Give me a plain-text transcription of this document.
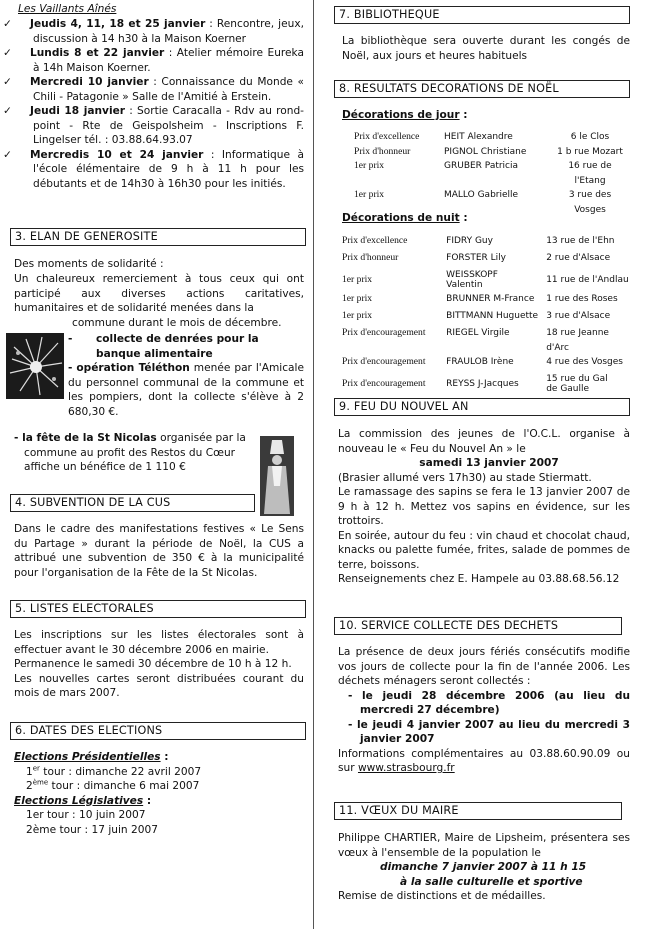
Les Vaillants Aînés
✓ Jeudis 4, 11, 18 et 25 janvier : Rencontre, jeux, discussion à 14 h30 à la Maison Koerner
✓ Lundis 8 et 22 janvier : Atelier mémoire Eureka à 14h Maison Koerner.
✓ Mercredi 10 janvier : Connaissance du Monde « Chili - Patagonie » Salle de l'Amitié à Erstein.
✓ Jeudi 18 janvier : Sortie Caracalla - Rdv au rond-point - Rte de Geispolsheim - Inscriptions F. Lingelser tél. : 03.88.64.93.07
✓ Mercredis 10 et 24 janvier : Informatique à l'école élémentaire de 9 h à 11 h pour les débutants et de 14h30 à 16h30 pour les initiés.
3. ELAN DE GENEROSITE
Des moments de solidarité :
Un chaleureux remerciement à tous ceux qui ont participé aux diverses actions caritatives, humanitaires et de solidarité menées dans la
commune durant le mois de décembre.
- collecte de denrées pour la banque alimentaire
- opération Téléthon menée par l'Amicale du personnel communal de la commune et les pompiers, dont la collecte s'élève à 2 680,30 €.
- la fête de la St Nicolas organisée par la commune au profit des Restos du Cœur affiche un bénéfice de 1 110 €
4. SUBVENTION DE LA CUS
Dans le cadre des manifestations festives « Le Sens du Partage » durant la période de Noël, la CUS a attribué une subvention de 350 € à la municipalité pour l'organisation de la Fête de la St Nicolas.
5. LISTES ELECTORALES
Les inscriptions sur les listes électorales sont à effectuer avant le 30 décembre 2006 en mairie.
Permanence le samedi 30 décembre de 10 h à 12 h.
Les nouvelles cartes seront distribuées courant du mois de mars 2007.
6. DATES DES ELECTIONS
Elections Présidentielles :
1er tour : dimanche 22 avril 2007
2ème tour : dimanche 6 mai 2007
Elections Législatives :
1er tour : 10 juin 2007
2ème tour : 17 juin 2007
7. BIBLIOTHEQUE
La bibliothèque sera ouverte durant les congés de Noël, aux jours et heures habituels
8. RESULTATS DECORATIONS DE NOËL
Décorations de jour :
Prix d'excellence	HEIT Alexandre	6 le Clos
Prix d'honneur	PIGNOL Christiane	1 b rue Mozart
1er prix	GRUBER Patricia	16 rue de l'Etang
1er prix	MALLO Gabrielle	3 rue des Vosges
Décorations de nuit :
Prix d'excellence	FIDRY Guy	13 rue de l'Ehn
Prix d'honneur	FORSTER Lily	2 rue d'Alsace
1er prix	WEISSKOPF Valentin	11 rue de l'Andlau
1er prix	BRUNNER M-France	1 rue des Roses
1er prix	BITTMANN Huguette	3 rue d'Alsace
Prix d'encouragement	RIEGEL Virgile	18 rue Jeanne d'Arc
Prix d'encouragement	FRAULOB Irène	4 rue des Vosges
Prix d'encouragement	REYSS J-Jacques	15 rue du Gal de Gaulle
9. FEU DU NOUVEL AN
La commission des jeunes de l'O.C.L. organise à nouveau le « Feu du Nouvel An » le
samedi 13 janvier 2007
(Brasier allumé vers 17h30) au stade Stiermatt.
Le ramassage des sapins se fera le 13 janvier 2007 de 9 h à 12 h. Mettez vos sapins en évidence, sur les trottoirs.
En soirée, autour du feu : vin chaud et chocolat chaud, knacks ou palette fumée, frites, salade de pommes de terre, boissons.
Renseignements chez E. Hampele au 03.88.68.56.12
10. SERVICE COLLECTE DES DECHETS
La présence de deux jours fériés consécutifs modifie vos jours de collecte pour la fin de l'année 2006. Les déchets ménagers seront collectés :
- le jeudi 28 décembre 2006 (au lieu du mercredi 27 décembre)
- le jeudi 4 janvier 2007 au lieu du mercredi 3 janvier 2007
Informations complémentaires au 03.88.60.90.09 ou sur www.strasbourg.fr
11. VŒUX DU MAIRE
Philippe CHARTIER, Maire de Lipsheim, présentera ses vœux à l'ensemble de la population le
dimanche 7 janvier 2007 à 11 h 15
à la salle culturelle et sportive
Remise de distinctions et de médailles.
